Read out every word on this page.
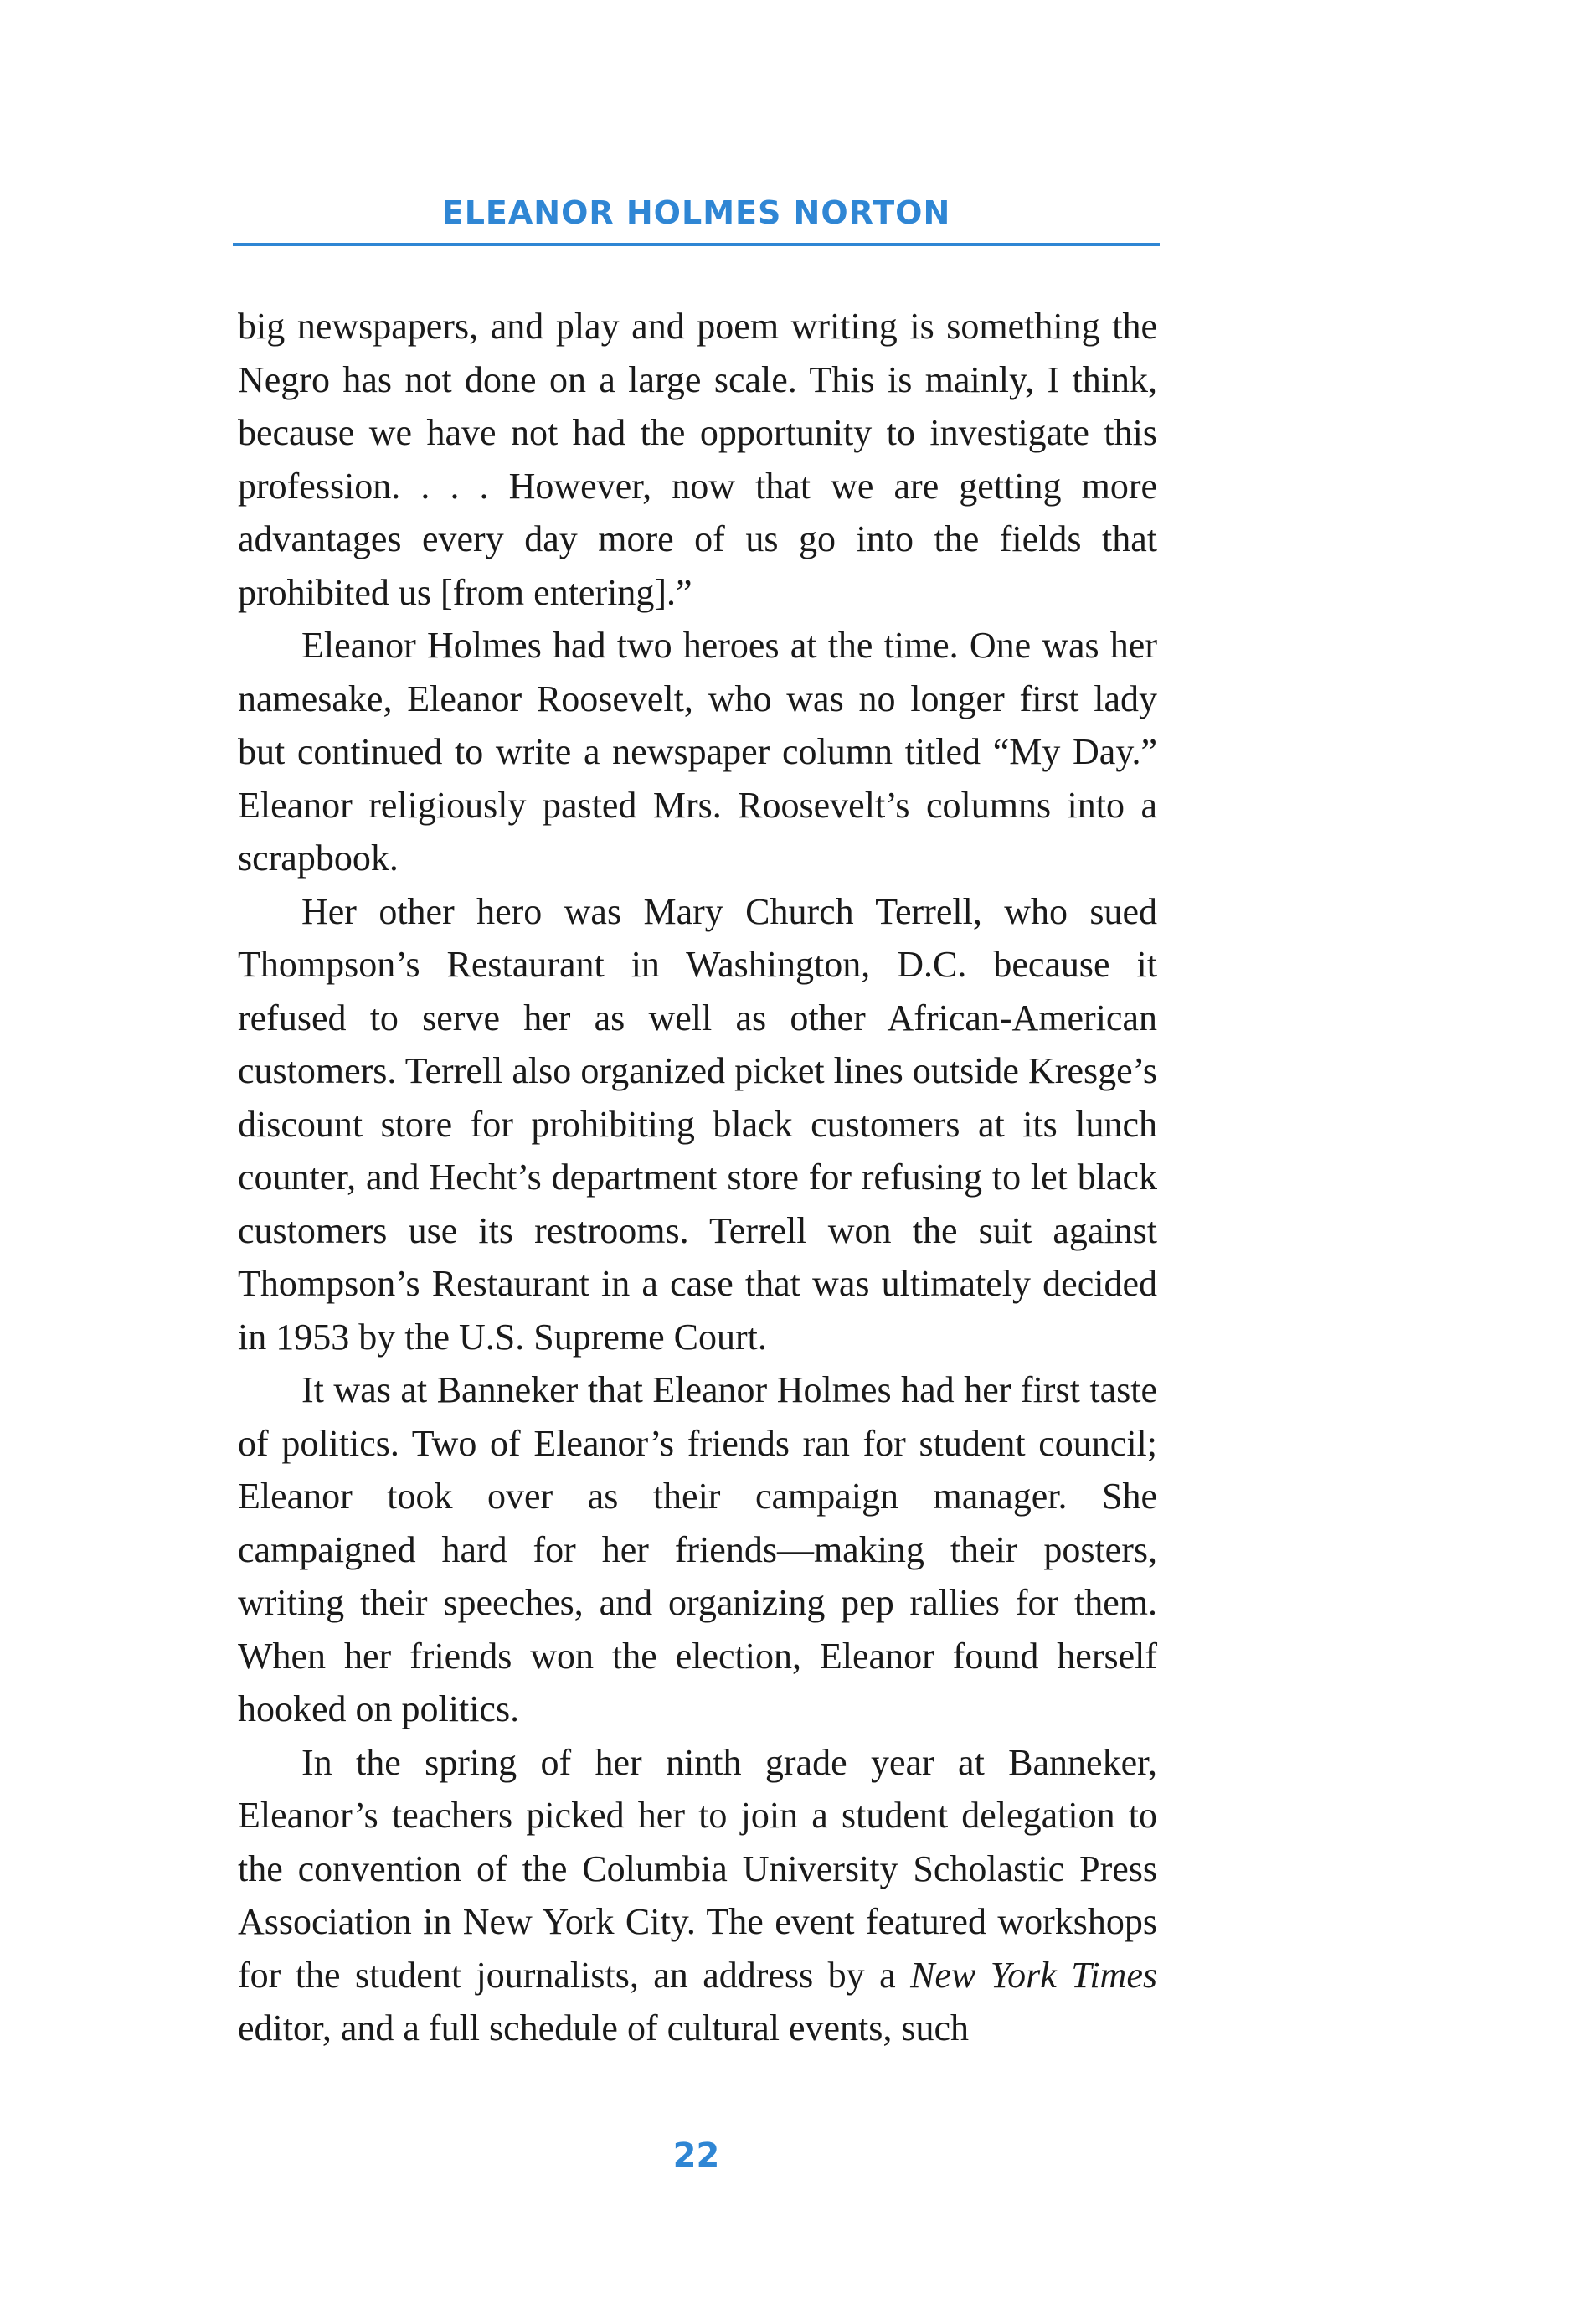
ELEANOR HOLMES NORTON

big newspapers, and play and poem writing is something the Negro has not done on a large scale. This is mainly, I think, because we have not had the opportunity to investigate this profession. . . . However, now that we are getting more advantages every day more of us go into the fields that prohibited us [from entering].”

Eleanor Holmes had two heroes at the time. One was her namesake, Eleanor Roosevelt, who was no longer first lady but continued to write a newspaper column titled “My Day.” Eleanor religiously pasted Mrs. Roosevelt’s columns into a scrapbook.

Her other hero was Mary Church Terrell, who sued Thompson’s Restaurant in Washington, D.C. because it refused to serve her as well as other African-American customers. Terrell also organized picket lines outside Kresge’s discount store for prohibiting black customers at its lunch counter, and Hecht’s department store for refusing to let black customers use its restrooms. Terrell won the suit against Thompson’s Restaurant in a case that was ultimately decided in 1953 by the U.S. Supreme Court.

It was at Banneker that Eleanor Holmes had her first taste of politics. Two of Eleanor’s friends ran for student council; Eleanor took over as their campaign manager. She campaigned hard for her friends—making their posters, writing their speeches, and organizing pep rallies for them. When her friends won the election, Eleanor found herself hooked on politics.

In the spring of her ninth grade year at Banneker, Eleanor’s teachers picked her to join a student delegation to the convention of the Columbia University Scholastic Press Association in New York City. The event featured workshops for the student journalists, an address by a New York Times editor, and a full schedule of cultural events, such

22
